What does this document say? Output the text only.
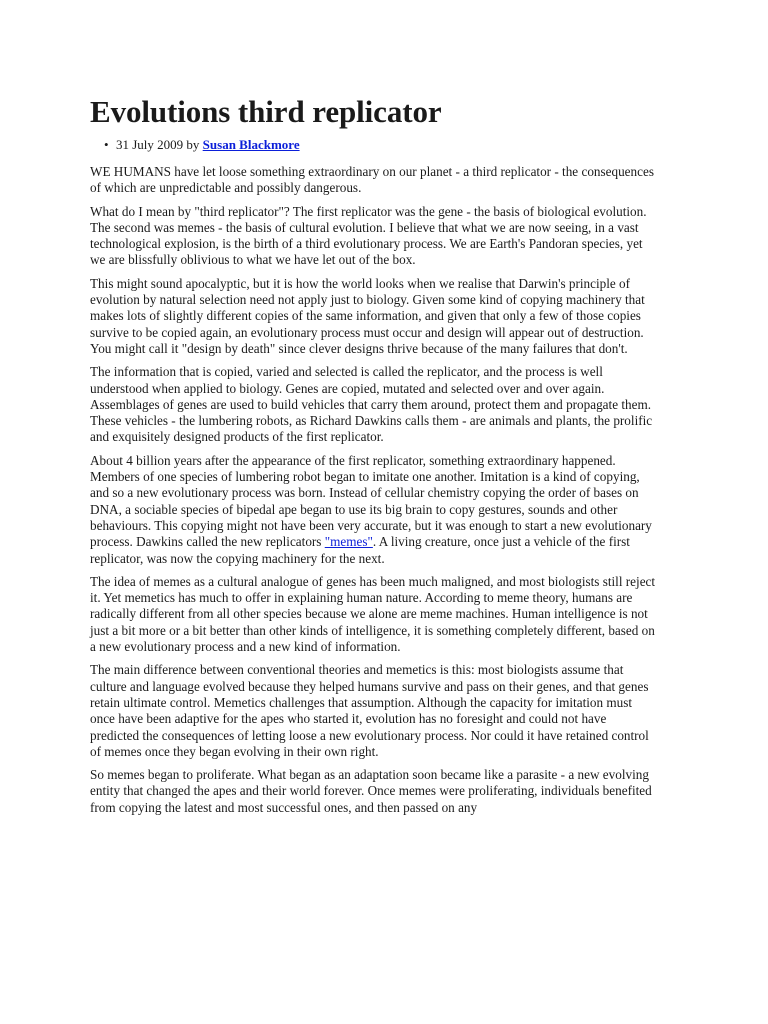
Evolutions third replicator
• 31 July 2009 by Susan Blackmore

WE HUMANS have let loose something extraordinary on our planet - a third replicator - the consequences of which are unpredictable and possibly dangerous.

What do I mean by "third replicator"? The first replicator was the gene - the basis of biological evolution. The second was memes - the basis of cultural evolution. I believe that what we are now seeing, in a vast technological explosion, is the birth of a third evolutionary process. We are Earth's Pandoran species, yet we are blissfully oblivious to what we have let out of the box.

This might sound apocalyptic, but it is how the world looks when we realise that Darwin's principle of evolution by natural selection need not apply just to biology. Given some kind of copying machinery that makes lots of slightly different copies of the same information, and given that only a few of those copies survive to be copied again, an evolutionary process must occur and design will appear out of destruction. You might call it "design by death" since clever designs thrive because of the many failures that don't.

The information that is copied, varied and selected is called the replicator, and the process is well understood when applied to biology. Genes are copied, mutated and selected over and over again. Assemblages of genes are used to build vehicles that carry them around, protect them and propagate them. These vehicles - the lumbering robots, as Richard Dawkins calls them - are animals and plants, the prolific and exquisitely designed products of the first replicator.

About 4 billion years after the appearance of the first replicator, something extraordinary happened. Members of one species of lumbering robot began to imitate one another. Imitation is a kind of copying, and so a new evolutionary process was born. Instead of cellular chemistry copying the order of bases on DNA, a sociable species of bipedal ape began to use its big brain to copy gestures, sounds and other behaviours. This copying might not have been very accurate, but it was enough to start a new evolutionary process. Dawkins called the new replicators "memes". A living creature, once just a vehicle of the first replicator, was now the copying machinery for the next.

The idea of memes as a cultural analogue of genes has been much maligned, and most biologists still reject it. Yet memetics has much to offer in explaining human nature. According to meme theory, humans are radically different from all other species because we alone are meme machines. Human intelligence is not just a bit more or a bit better than other kinds of intelligence, it is something completely different, based on a new evolutionary process and a new kind of information.

The main difference between conventional theories and memetics is this: most biologists assume that culture and language evolved because they helped humans survive and pass on their genes, and that genes retain ultimate control. Memetics challenges that assumption. Although the capacity for imitation must once have been adaptive for the apes who started it, evolution has no foresight and could not have predicted the consequences of letting loose a new evolutionary process. Nor could it have retained control of memes once they began evolving in their own right.

So memes began to proliferate. What began as an adaptation soon became like a parasite - a new evolving entity that changed the apes and their world forever. Once memes were proliferating, individuals benefited from copying the latest and most successful ones, and then passed on any
